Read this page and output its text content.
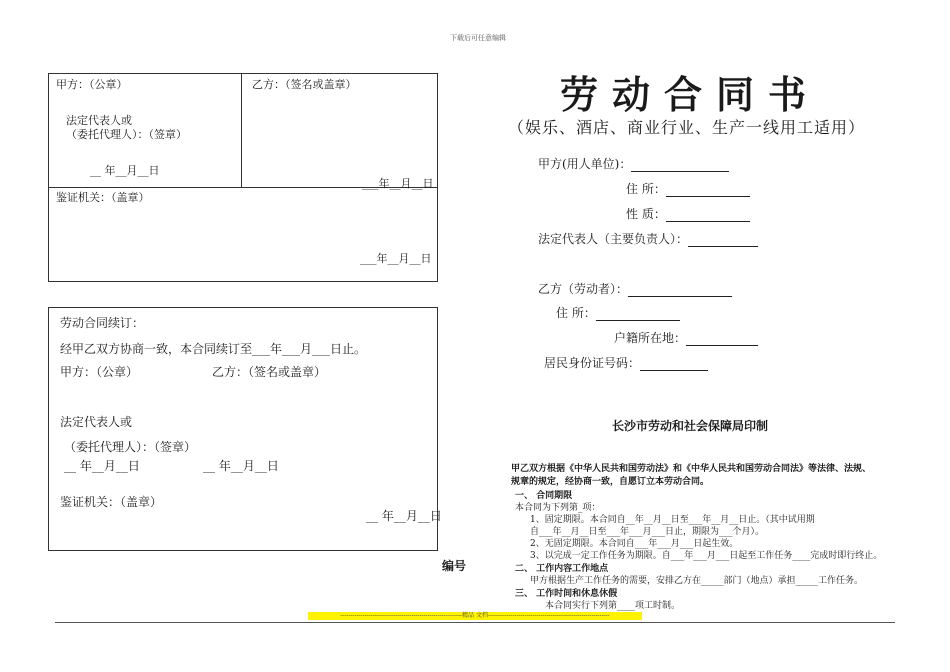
下载后可任意编辑
甲方：（公章）	乙方：（签名或盖章）
法定代表人或
（委托代理人）：（签章）
__ 年__月__日
___年__月__日
鉴证机关：（盖章）
___年__月__日
劳动合同续订：
经甲乙双方协商一致，本合同续订至___年___月___日止。
甲方：（公章）	乙方：（签名或盖章）
法定代表人或
（委托代理人）：（签章）
__ 年__月__日	__ 年__月__日
鉴证机关：（盖章）
__ 年__月__日
编号
劳动合同书
（娱乐、酒店、商业行业、生产一线用工适用）
甲方(用人单位)：
住 所：
性 质：
法定代表人（主要负责人）：
乙方（劳动者）：
住 所：
户籍所在地：
居民身份证号码：
长沙市劳动和社会保障局印制
甲乙双方根据《中华人民共和国劳动法》和《中华人民共和国劳动合同法》等法律、法规、
规章的规定，经协商一致，自愿订立本劳动合同。
一、 合同期限
本合同为下列第_项：
1、固定期限。本合同自__年__月__日至___年__月__日止。（其中试用期
自___年__月__日至___年___月___日止，期限为___个月）。
2、无固定期限。本合同自___年___月___日起生效。
3、以完成一定工作任务为期限。自___年___月___日起至工作任务____完成时即行终止。
二、 工作内容工作地点
甲方根据生产工作任务的需要，安排乙方在_____部门（地点）承担_____工作任务。
三、 工作时间和休息休假
本合同实行下列第____项工时制。
------------------------------------------------------------精品 文档------------------------------------------------------------
